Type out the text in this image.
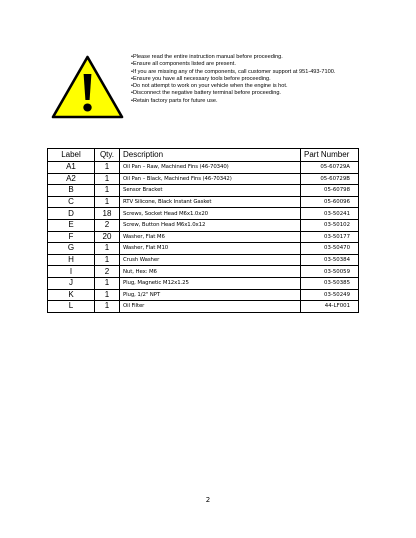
• Please read the entire instruction manual before proceeding.
• Ensure all components listed are present.
• If you are missing any of the components, call customer support at 951-493-7100.
• Ensure you have all necessary tools before proceeding.
• Do not attempt to work on your vehicle when the engine is hot.
• Disconnect the negative battery terminal before proceeding.
• Retain factory parts for future use.
Label	Qty.	Description	Part Number
A1	1	Oil Pan – Raw, Machined Fins (46-70340)	05-60729A
A2	1	Oil Pan – Black, Machined Fins (46-70342)	05-60729B
B	1	Sensor Bracket	05-60798
C	1	RTV Silicone, Black Instant Gasket	05-60096
D	18	Screws, Socket Head M6x1.0x20	03-50241
E	2	Screw, Button Head M6x1.0x12	03-50102
F	20	Washer, Flat M6	03-50177
G	1	Washer, Flat M10	03-50470
H	1	Crush Washer	03-50384
I	2	Nut, Hex: M6	03-50059
J	1	Plug, Magnetic M12x1.25	03-50385
K	1	Plug, 1/2" NPT	03-50249
L	1	Oil Filter	44-LF001
2
